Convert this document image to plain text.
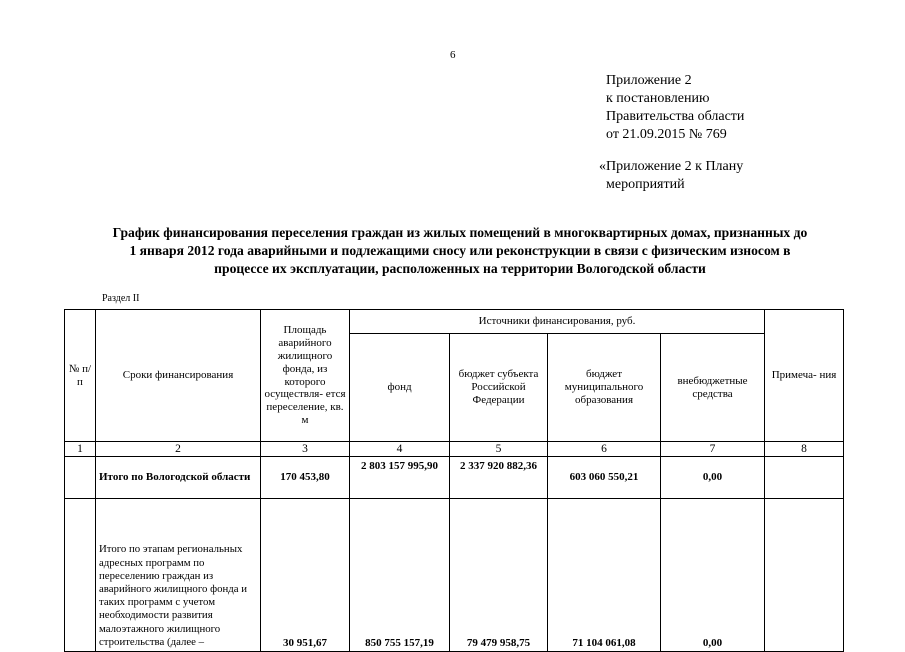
6
Приложение 2
к постановлению
Правительства области
от 21.09.2015 № 769
«Приложение 2 к Плану
мероприятий
График финансирования переселения граждан из жилых помещений в многоквартирных домах, признанных до
1 января 2012 года аварийными и подлежащими сносу или реконструкции в связи с физическим износом в
процессе их эксплуатации, расположенных на территории Вологодской области
Раздел II
№ п/ п	Сроки финансирования	Площадь аварийного жилищного фонда, из которого осуществля- ется переселение, кв. м	Источники финансирования, руб.				Примеча- ния
			фонд	бюджет субъекта Российской Федерации	бюджет муниципального образования	внебюджетные средства	
1	2	3	4	5	6	7	8
	Итого по Вологодской области	170 453,80	2 803 157 995,90	2 337 920 882,36	603 060 550,21	0,00	
	Итого по этапам региональных адресных программ по переселению граждан из аварийного жилищного фонда и таких программ с учетом необходимости развития малоэтажного жилищного строительства (далее –	30 951,67	850 755 157,19	79 479 958,75	71 104 061,08	0,00	
